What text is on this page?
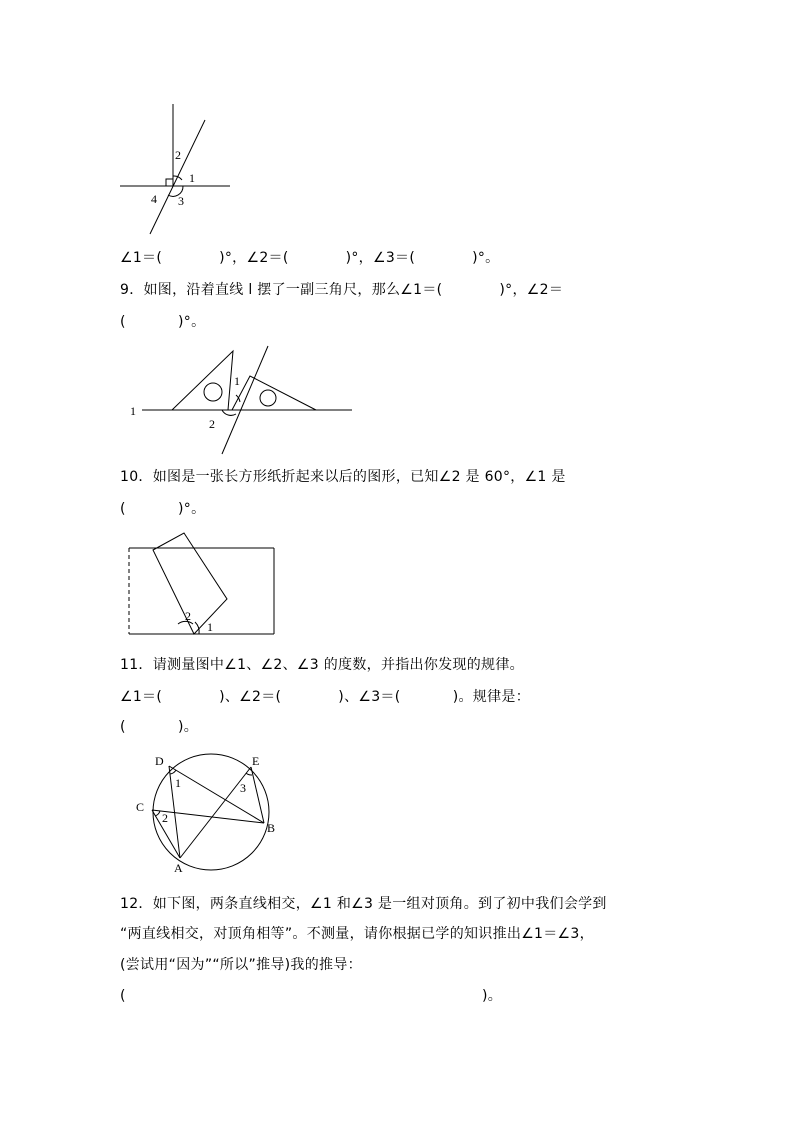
2
1
4 3
∠1＝(            )°，∠2＝(            )°，∠3＝(            )°。
9．如图，沿着直线 l 摆了一副三角尺，那么∠1＝(            )°，∠2＝
(           )°。
1
1
2
10．如图是一张长方形纸折起来以后的图形，已知∠2 是 60°，∠1 是
(           )°。
2
1
11．请测量图中∠1、∠2、∠3 的度数，并指出你发现的规律。
∠1＝(            )、∠2＝(            )、∠3＝(           )。规律是：
(           )。
D	E
1	3
C
2
B
A
12．如下图，两条直线相交，∠1 和∠3 是一组对顶角。到了初中我们会学到
“两直线相交，对顶角相等”。不测量，请你根据已学的知识推出∠1＝∠3，
(尝试用“因为”“所以”推导)我的推导：
(                                                                           )。
